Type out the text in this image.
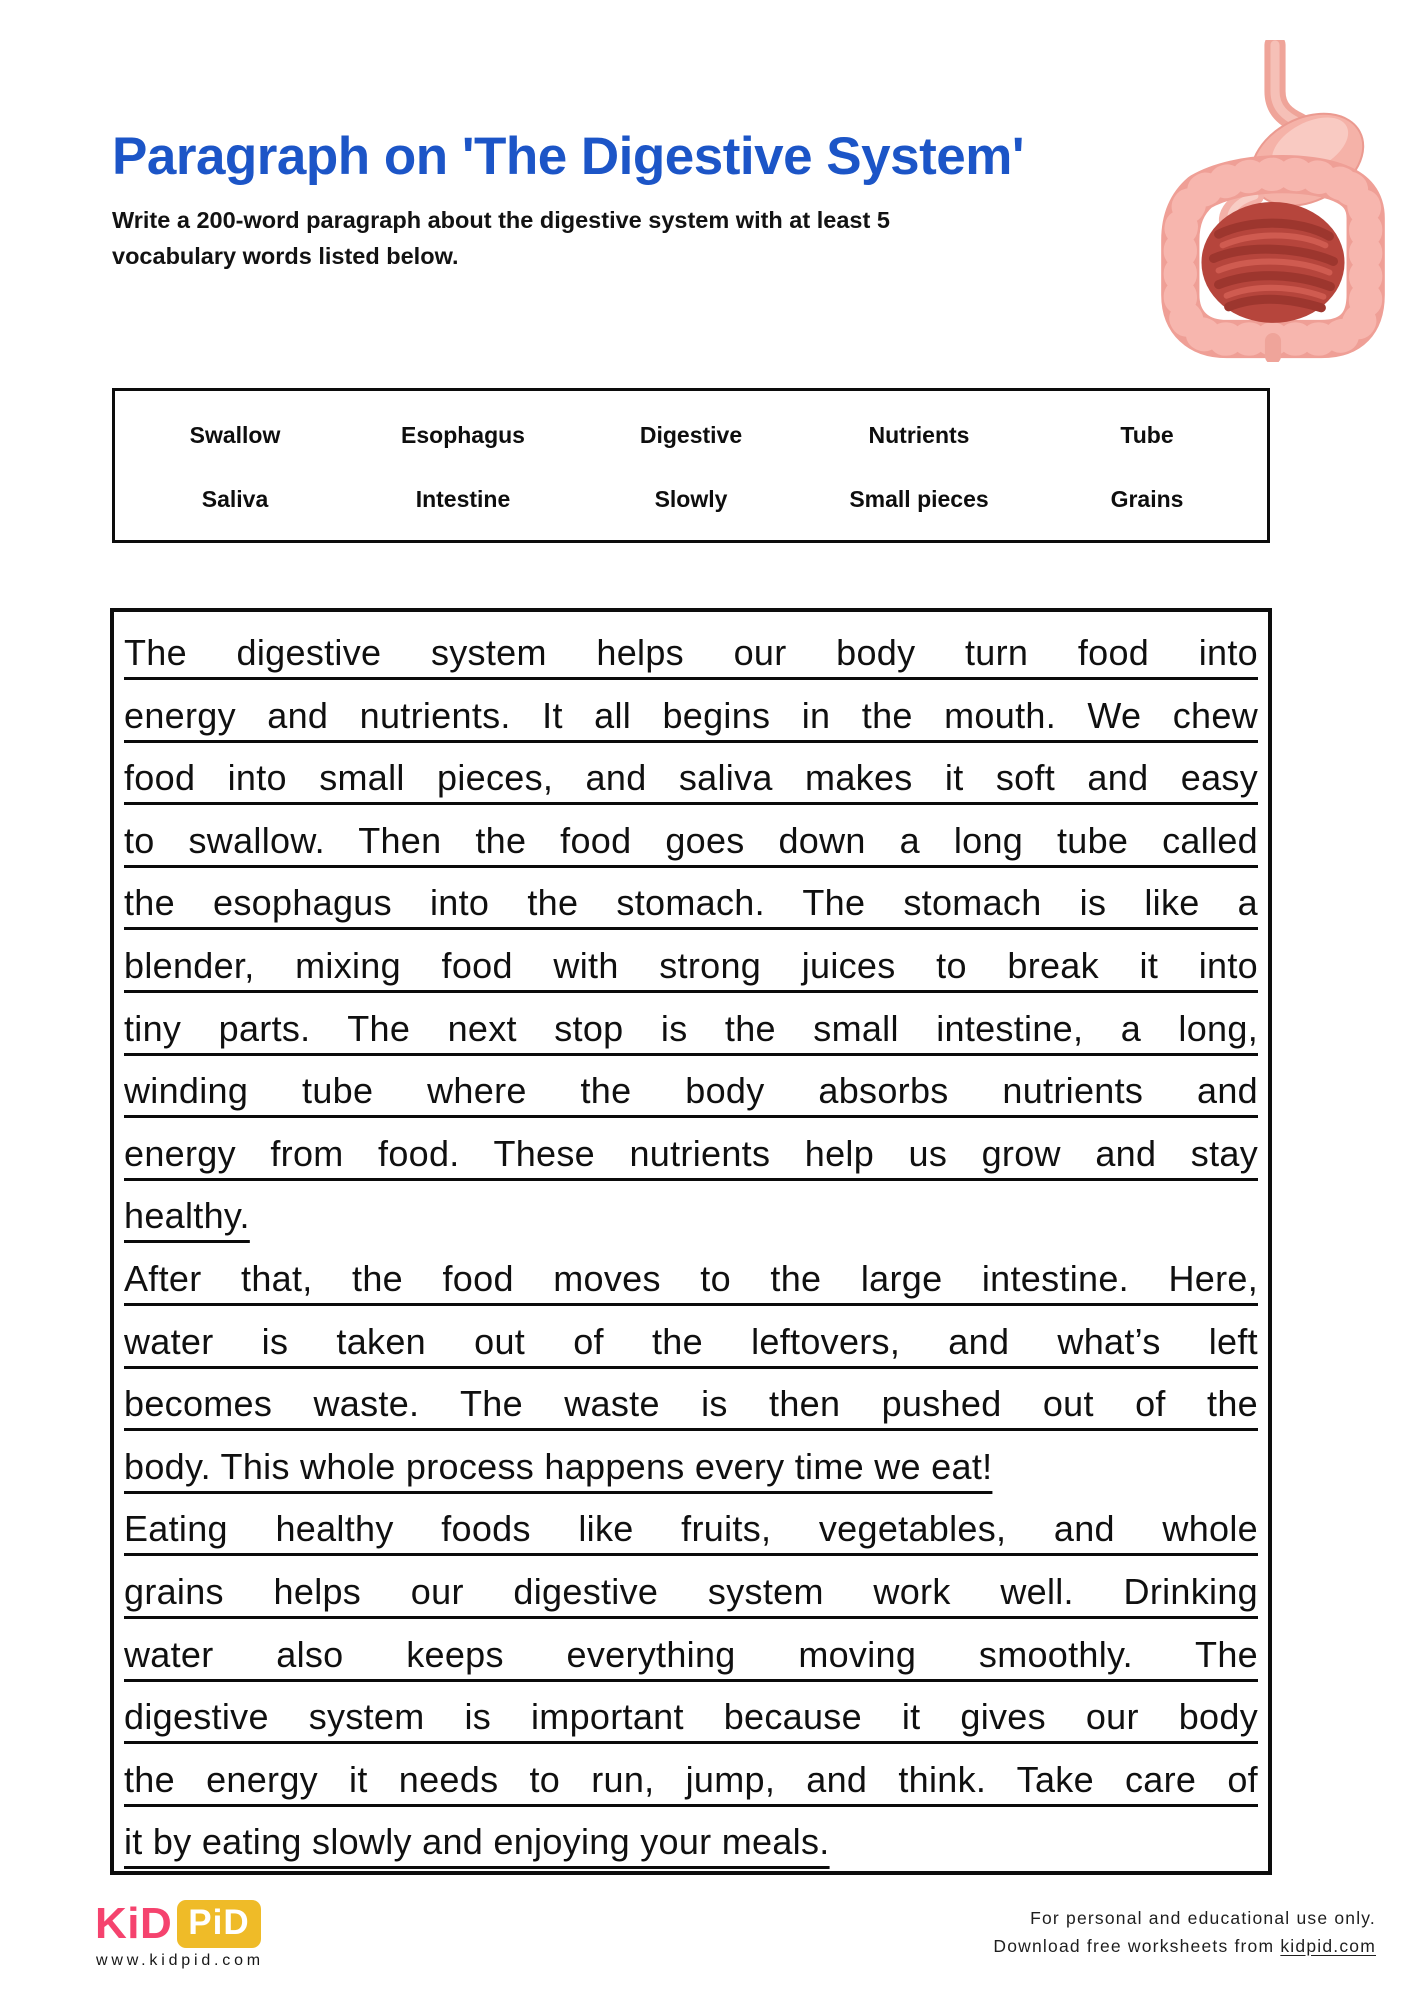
Paragraph on 'The Digestive System'
Write a 200-word paragraph about the digestive system with at least 5
vocabulary words listed below.
Swallow	Esophagus	Digestive	Nutrients	Tube
Saliva	Intestine	Slowly	Small pieces	Grains
The digestive system helps our body turn food into
energy and nutrients. It all begins in the mouth. We chew
food into small pieces, and saliva makes it soft and easy
to swallow. Then the food goes down a long tube called
the esophagus into the stomach. The stomach is like a
blender, mixing food with strong juices to break it into
tiny parts. The next stop is the small intestine, a long,
winding tube where the body absorbs nutrients and
energy from food. These nutrients help us grow and stay
healthy.
After that, the food moves to the large intestine. Here,
water is taken out of the leftovers, and what’s left
becomes waste. The waste is then pushed out of the
body. This whole process happens every time we eat!
Eating healthy foods like fruits, vegetables, and whole
grains helps our digestive system work well. Drinking
water also keeps everything moving smoothly. The
digestive system is important because it gives our body
the energy it needs to run, jump, and think. Take care of
it by eating slowly and enjoying your meals.
KiD PiD
www.kidpid.com
For personal and educational use only.
Download free worksheets from kidpid.com
